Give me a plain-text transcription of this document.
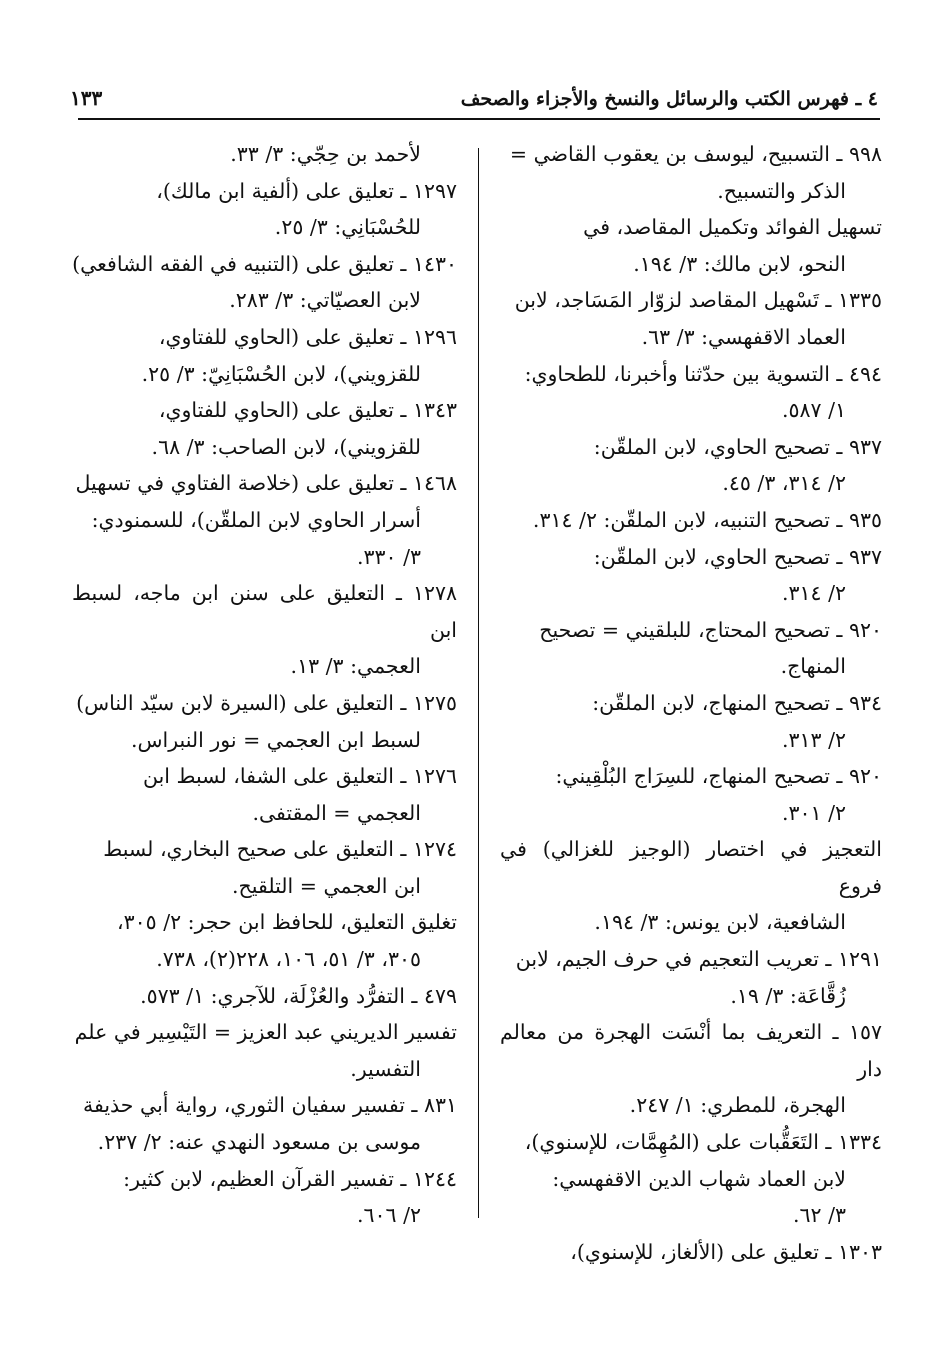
٤ ـ فهرس الكتب والرسائل والنسخ والأجزاء والصحف
١٣٣
٩٩٨ ـ التسبيح، ليوسف بن يعقوب القاضي =
الذكر والتسبيح.
تسهيل الفوائد وتكميل المقاصد، في
النحو، لابن مالك: ٣/ ١٩٤.
١٣٣٥ ـ تَسْهيل المقاصد لزوّار المَسَاجد، لابن
العماد الاقفهسي: ٣/ ٦٣.
٤٩٤ ـ التسوية بين حدّثنا وأخبرنا، للطحاوي:
١/ ٥٨٧.
٩٣٧ ـ تصحيح الحاوي، لابن الملقّن:
٢/ ٣١٤، ٣/ ٤٥.
٩٣٥ ـ تصحيح التنبيه، لابن الملقّن: ٢/ ٣١٤.
٩٣٧ ـ تصحيح الحاوي، لابن الملقّن:
٢/ ٣١٤.
٩٢٠ ـ تصحيح المحتاج، للبلقيني = تصحيح
المنهاج.
٩٣٤ ـ تصحيح المنهاج، لابن الملقّن:
٢/ ٣١٣.
٩٢٠ ـ تصحيح المنهاج، للسِرَاج البُلْقِيني:
٢/ ٣٠١.
التعجيز في اختصار (الوجيز للغزالي) في فروع
الشافعية، لابن يونس: ٣/ ١٩٤.
١٢٩١ ـ تعريب التعجيم في حرف الجيم، لابن
زُقَّاعَة: ٣/ ١٩.
١٥٧ ـ التعريف بما أنْسَت الهجرة من معالم دار
الهجرة، للمطري: ١/ ٢٤٧.
١٣٣٤ ـ التَعَقُّبات على (المُهِمَّات، للإسنوي)،
لابن العماد شهاب الدين الاقفهسي:
٣/ ٦٢.
١٣٠٣ ـ تعليق على (الألغاز، للإسنوي)،
لأحمد بن حِجّي: ٣/ ٣٣.
١٢٩٧ ـ تعليق على (ألفية ابن مالك)،
للحُسْبَانِي: ٣/ ٢٥.
١٤٣٠ ـ تعليق على (التنبيه في الفقه الشافعي)
لابن العصيّاتي: ٣/ ٢٨٣.
١٢٩٦ ـ تعليق على (الحاوي للفتاوي،
للقزويني)، لابن الحُسْبَانِيّ: ٣/ ٢٥.
١٣٤٣ ـ تعليق على (الحاوي للفتاوي،
للقزويني)، لابن الصاحب: ٣/ ٦٨.
١٤٦٨ ـ تعليق على (خلاصة الفتاوي في تسهيل
أسرار الحاوي لابن الملقّن)، للسمنودي:
٣/ ٣٣٠.
١٢٧٨ ـ التعليق على سنن ابن ماجه، لسبط ابن
العجمي: ٣/ ١٣.
١٢٧٥ ـ التعليق على (السيرة لابن سيّد الناس)
لسبط ابن العجمي = نور النبراس.
١٢٧٦ ـ التعليق على الشفا، لسبط ابن
العجمي = المقتفى.
١٢٧٤ ـ التعليق على صحيح البخاري، لسبط
ابن العجمي = التلقيح.
تغليق التعليق، للحافظ ابن حجر: ٢/ ٣٠٥،
٣٠٥، ٣/ ٥١، ١٠٦، ٢٢٨(٢)، ٧٣٨.
٤٧٩ ـ التفرُّد والعُزْلَة، للآجري: ١/ ٥٧٣.
تفسير الديريني عبد العزيز = التَيْسِير في علم
التفسير.
٨٣١ ـ تفسير سفيان الثوري، رواية أبي حذيفة
موسى بن مسعود النهدي عنه: ٢/ ٢٣٧.
١٢٤٤ ـ تفسير القرآن العظيم، لابن كثير:
٢/ ٦٠٦.
